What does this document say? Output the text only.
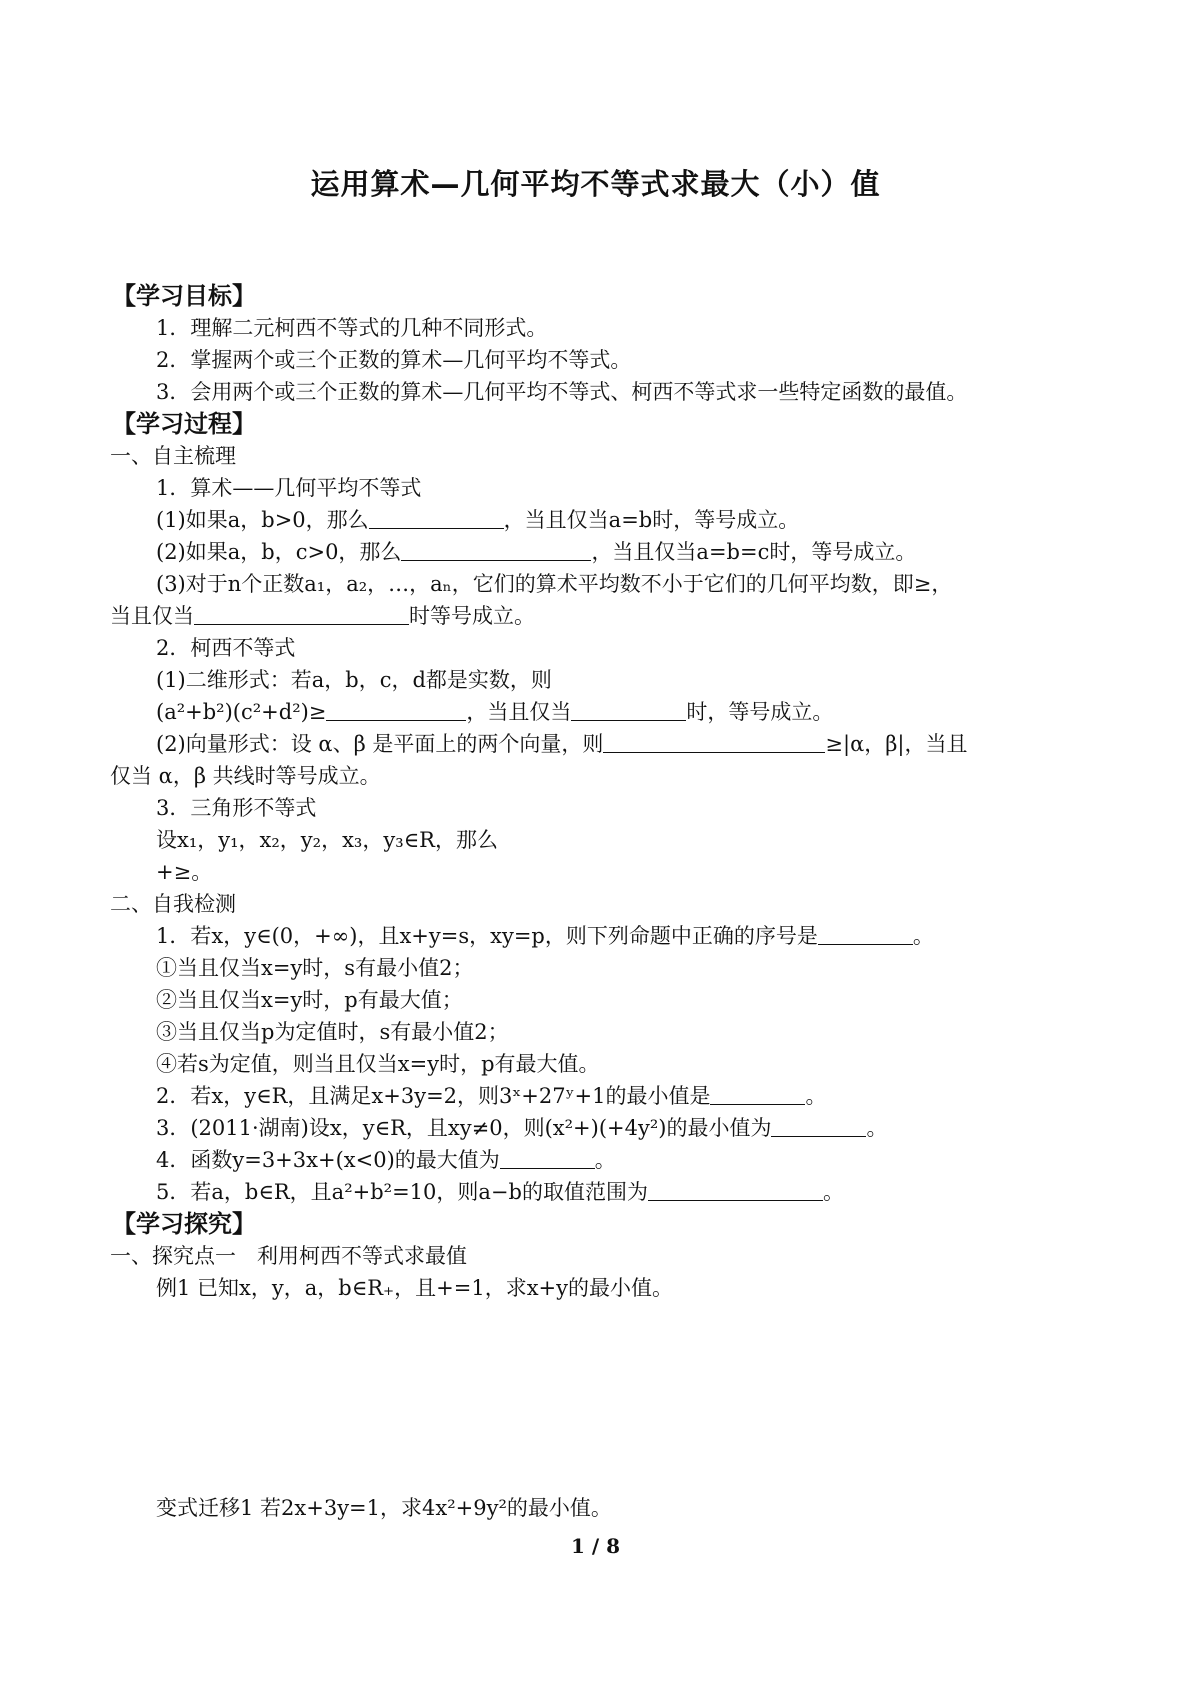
运用算术—几何平均不等式求最大（小）值
【学习目标】
1．理解二元柯西不等式的几种不同形式。
2．掌握两个或三个正数的算术—几何平均不等式。
3．会用两个或三个正数的算术—几何平均不等式、柯西不等式求一些特定函数的最值。
【学习过程】
一、自主梳理
1．算术——几何平均不等式
(1)如果a，b>0，那么	，当且仅当a=b时，等号成立。
(2)如果a，b，c>0，那么	，当且仅当a=b=c时，等号成立。
(3)对于n个正数a₁，a₂，…，aₙ，它们的算术平均数不小于它们的几何平均数，即≥，
当且仅当	时等号成立。
2．柯西不等式
(1)二维形式：若a，b，c，d都是实数，则
(a²+b²)(c²+d²)≥	，当且仅当	时，等号成立。
(2)向量形式：设 α、β 是平面上的两个向量，则	≥|α，β|，当且
仅当 α，β 共线时等号成立。
3．三角形不等式
设x₁，y₁，x₂，y₂，x₃，y₃∈R，那么
+≥。
二、自我检测
1．若x，y∈(0，+∞)，且x+y=s，xy=p，则下列命题中正确的序号是	。
①当且仅当x=y时，s有最小值2；
②当且仅当x=y时，p有最大值；
③当且仅当p为定值时，s有最小值2；
④若s为定值，则当且仅当x=y时，p有最大值。
2．若x，y∈R，且满足x+3y=2，则3ˣ+27ʸ+1的最小值是	。
3．(2011·湖南)设x，y∈R，且xy≠0，则(x²+)(+4y²)的最小值为	。
4．函数y=3+3x+(x<0)的最大值为	。
5．若a，b∈R，且a²+b²=10，则a−b的取值范围为	。
【学习探究】
一、探究点一　利用柯西不等式求最值
例1 已知x，y，a，b∈R₊，且+=1，求x+y的最小值。
变式迁移1 若2x+3y=1，求4x²+9y²的最小值。
1 / 8
